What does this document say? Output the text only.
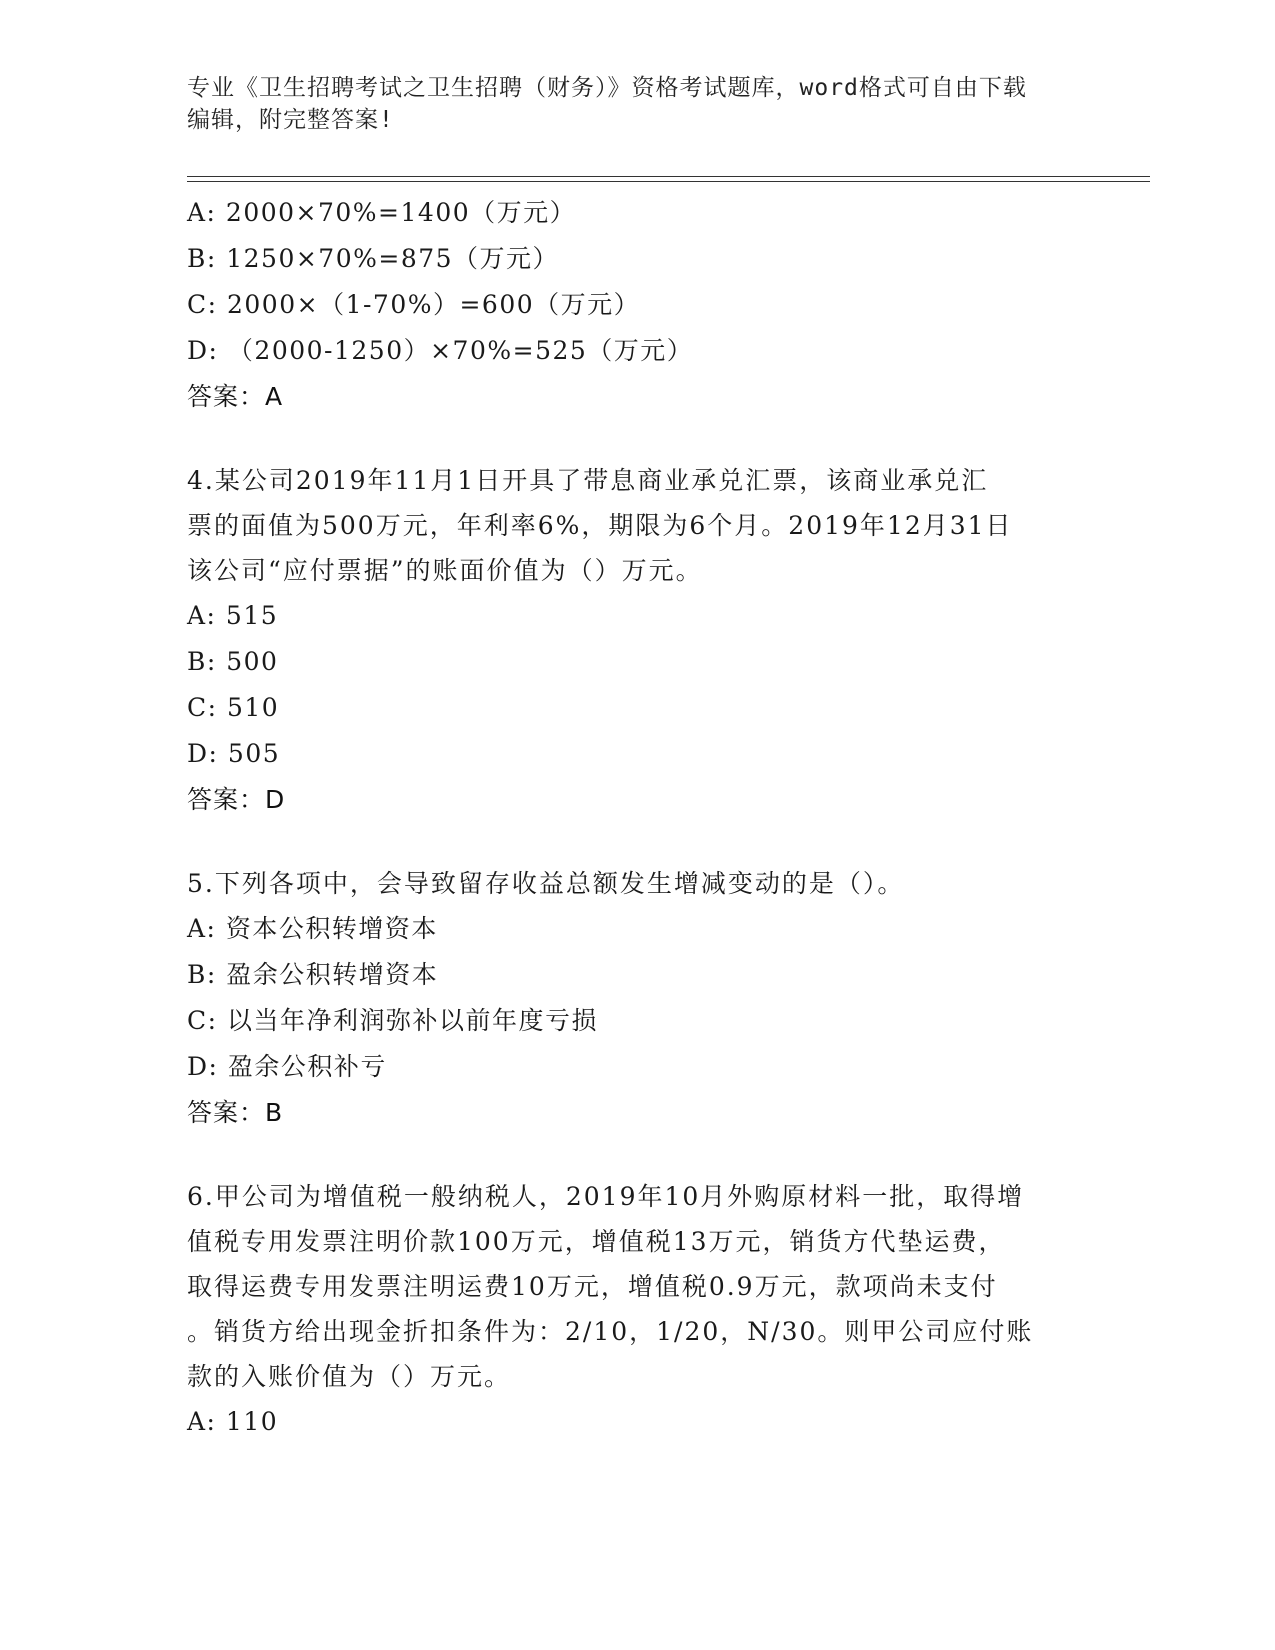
专业《卫生招聘考试之卫生招聘（财务）》资格考试题库，word格式可自由下载
编辑，附完整答案!
A: 2000×70%=1400（万元）
B: 1250×70%=875（万元）
C: 2000×（1-70%）=600（万元）
D: （2000-1250）×70%=525（万元）
答案：A
4.某公司2019年11月1日开具了带息商业承兑汇票，该商业承兑汇
票的面值为500万元，年利率6%，期限为6个月。2019年12月31日
该公司“应付票据”的账面价值为（）万元。
A: 515
B: 500
C: 510
D: 505
答案：D
5.下列各项中，会导致留存收益总额发生增减变动的是（）。
A: 资本公积转增资本
B: 盈余公积转增资本
C: 以当年净利润弥补以前年度亏损
D: 盈余公积补亏
答案：B
6.甲公司为增值税一般纳税人，2019年10月外购原材料一批，取得增
值税专用发票注明价款100万元，增值税13万元，销货方代垫运费，
取得运费专用发票注明运费10万元，增值税0.9万元，款项尚未支付
。销货方给出现金折扣条件为：2/10，1/20，N/30。则甲公司应付账
款的入账价值为（）万元。
A: 110
